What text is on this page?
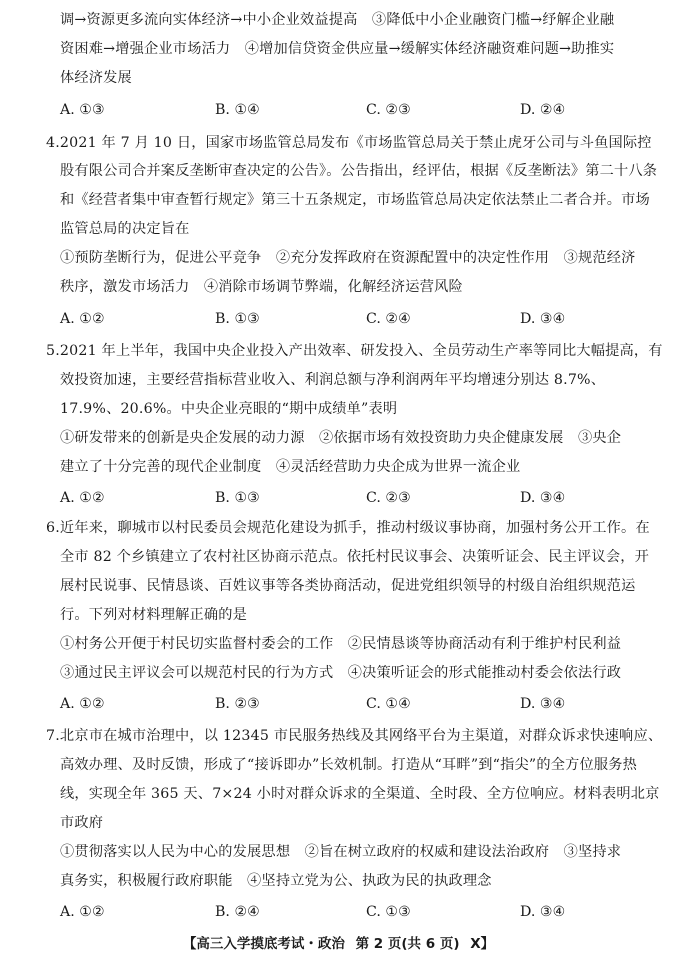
调→资源更多流向实体经济→中小企业效益提高　③降低中小企业融资门槛→纾解企业融
资困难→增强企业市场活力　④增加信贷资金供应量→缓解实体经济融资难问题→助推实
体经济发展
A. ①③	B. ①④	C. ②③	D. ②④
4.2021 年 7 月 10 日，国家市场监管总局发布《市场监管总局关于禁止虎牙公司与斗鱼国际控
股有限公司合并案反垄断审查决定的公告》。公告指出，经评估，根据《反垄断法》第二十八条
和《经营者集中审查暂行规定》第三十五条规定，市场监管总局决定依法禁止二者合并。市场
监管总局的决定旨在
①预防垄断行为，促进公平竞争　②充分发挥政府在资源配置中的决定性作用　③规范经济
秩序，激发市场活力　④消除市场调节弊端，化解经济运营风险
A. ①②	B. ①③	C. ②④	D. ③④
5.2021 年上半年，我国中央企业投入产出效率、研发投入、全员劳动生产率等同比大幅提高，有
效投资加速，主要经营指标营业收入、利润总额与净利润两年平均增速分别达 8.7%、
17.9%、20.6%。中央企业亮眼的“期中成绩单”表明
①研发带来的创新是央企发展的动力源　②依据市场有效投资助力央企健康发展　③央企
建立了十分完善的现代企业制度　④灵活经营助力央企成为世界一流企业
A. ①②	B. ①③	C. ②③	D. ③④
6.近年来，聊城市以村民委员会规范化建设为抓手，推动村级议事协商，加强村务公开工作。在
全市 82 个乡镇建立了农村社区协商示范点。依托村民议事会、决策听证会、民主评议会，开
展村民说事、民情恳谈、百姓议事等各类协商活动，促进党组织领导的村级自治组织规范运
行。下列对材料理解正确的是
①村务公开便于村民切实监督村委会的工作　②民情恳谈等协商活动有利于维护村民利益
③通过民主评议会可以规范村民的行为方式　④决策听证会的形式能推动村委会依法行政
A. ①②	B. ②③	C. ①④	D. ③④
7.北京市在城市治理中，以 12345 市民服务热线及其网络平台为主渠道，对群众诉求快速响应、
高效办理、及时反馈，形成了“接诉即办”长效机制。打造从“耳畔”到“指尖”的全方位服务热
线，实现全年 365 天、7×24 小时对群众诉求的全渠道、全时段、全方位响应。材料表明北京
市政府
①贯彻落实以人民为中心的发展思想　②旨在树立政府的权威和建设法治政府　③坚持求
真务实，积极履行政府职能　④坚持立党为公、执政为民的执政理念
A. ①②	B. ②④	C. ①③	D. ③④
【高三入学摸底考试・政治 第 2 页(共 6 页) X】
